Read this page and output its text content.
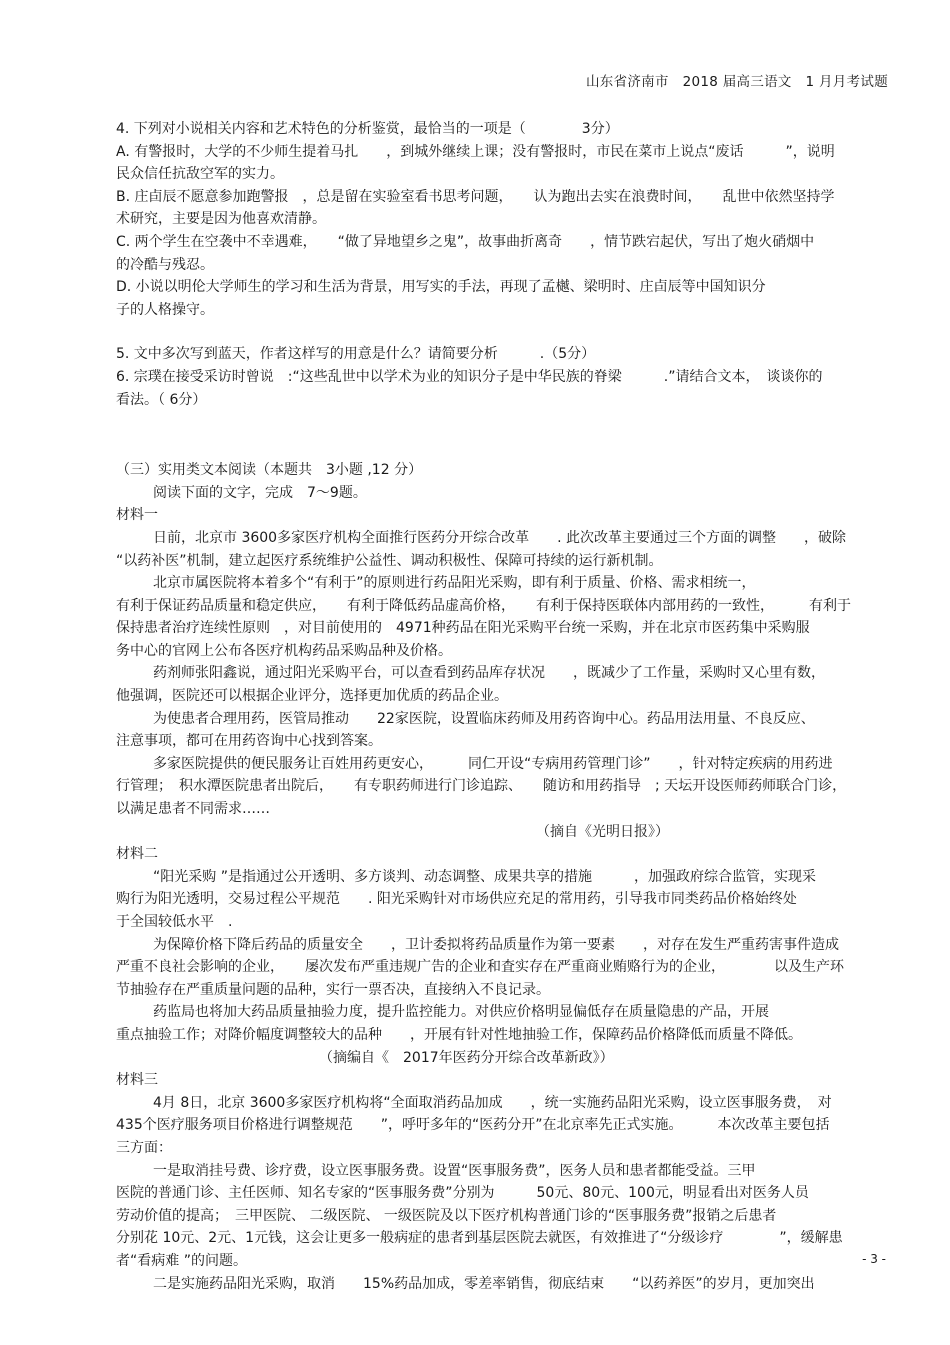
山东省济南市　2018 届高三语文　1 月月考试题
4. 下列对小说相关内容和艺术特色的分析鉴赏，最恰当的一项是（　　　　3分）
A. 有警报时，大学的不少师生提着马扎　　，到城外继续上课；没有警报时，市民在菜市上说点“废话　　　”，说明
民众信任抗敌空军的实力。
B. 庄卣辰不愿意参加跑警报　，总是留在实验室看书思考问题，　　认为跑出去实在浪费时间，　　乱世中依然坚持学
术研究，主要是因为他喜欢清静。
C. 两个学生在空袭中不幸遇难，　　“做了异地望乡之鬼”，故事曲折离奇　　，情节跌宕起伏，写出了炮火硝烟中
的冷酷与残忍。
D. 小说以明伦大学师生的学习和生活为背景，用写实的手法，再现了孟樾、梁明时、庄卣辰等中国知识分
子的人格操守。
5. 文中多次写到蓝天，作者这样写的用意是什么？请简要分析　　　.（5分）
6. 宗璞在接受采访时曾说　:“这些乱世中以学术为业的知识分子是中华民族的脊梁　　　.”请结合文本，　谈谈你的
看法。（ 6分）
（三）实用类文本阅读（本题共　3小题 ,12 分）
阅读下面的文字，完成　7～9题。
材料一
日前，北京市 3600多家医疗机构全面推行医药分开综合改革　　. 此次改革主要通过三个方面的调整　　，破除
“以药补医”机制，建立起医疗系统维护公益性、调动积极性、保障可持续的运行新机制。
北京市属医院将本着多个“有利于”的原则进行药品阳光采购，即有利于质量、价格、需求相统一，
有利于保证药品质量和稳定供应，　　有利于降低药品虚高价格，　　有利于保持医联体内部用药的一致性，　　　有利于
保持患者治疗连续性原则　，对目前使用的　4971种药品在阳光采购平台统一采购，并在北京市医药集中采购服
务中心的官网上公布各医疗机构药品采购品种及价格。
药剂师张阳鑫说，通过阳光采购平台，可以查看到药品库存状况　　，既减少了工作量，采购时又心里有数，
他强调，医院还可以根据企业评分，选择更加优质的药品企业。
为使患者合理用药，医管局推动　　22家医院，设置临床药师及用药咨询中心。药品用法用量、不良反应、
注意事项，都可在用药咨询中心找到答案。
多家医院提供的便民服务让百姓用药更安心，　　　同仁开设“专病用药管理门诊”　　，针对特定疾病的用药进
行管理；　积水潭医院患者出院后，　　有专职药师进行门诊追踪、　　随访和用药指导　; 天坛开设医师药师联合门诊，
以满足患者不同需求……
（摘自《光明日报》）
材料二
“阳光采购 ”是指通过公开透明、多方谈判、动态调整、成果共享的措施　　　，加强政府综合监管，实现采
购行为阳光透明，交易过程公平规范　　. 阳光采购针对市场供应充足的常用药，引导我市同类药品价格始终处
于全国较低水平　.
为保障价格下降后药品的质量安全　　，卫计委拟将药品质量作为第一要素　　，对存在发生严重药害事件造成
严重不良社会影响的企业，　　屡次发布严重违规广告的企业和査实存在严重商业贿赂行为的企业，　　　　以及生产环
节抽验存在严重质量问题的品种，实行一票否决，直接纳入不良记录。
药监局也将加大药品质量抽验力度，提升监控能力。对供应价格明显偏低存在质量隐患的产品，开展
重点抽验工作；对降价幅度调整较大的品种　　，开展有针对性地抽验工作，保障药品价格降低而质量不降低。
（摘编自《　2017年医药分开综合改革新政》）
材料三
4月 8日，北京 3600多家医疗机构将“全面取消药品加成　　，统一实施药品阳光采购，设立医事服务费，　对
435个医疗服务项目价格进行调整规范　　”，呼吁多年的“医药分开”在北京率先正式实施。　　　本次改革主要包括
三方面：
一是取消挂号费、诊疗费，设立医事服务费。设置“医事服务费”，医务人员和患者都能受益。三甲
医院的普通门诊、主任医师、知名专家的“医事服务费”分别为　　　50元、80元、100元，明显看出对医务人员
劳动价值的提高；　三甲医院、 二级医院、 一级医院及以下医疗机构普通门诊的“医事服务费”报销之后患者
分别花 10元、2元、1元钱，这会让更多一般病症的患者到基层医院去就医，有效推进了“分级诊疗　　　　”，缓解患
者“看病难 ”的问题。
二是实施药品阳光采购，取消　　15%药品加成，零差率销售，彻底结束　　“以药养医”的岁月，更加突出
- 3 -
